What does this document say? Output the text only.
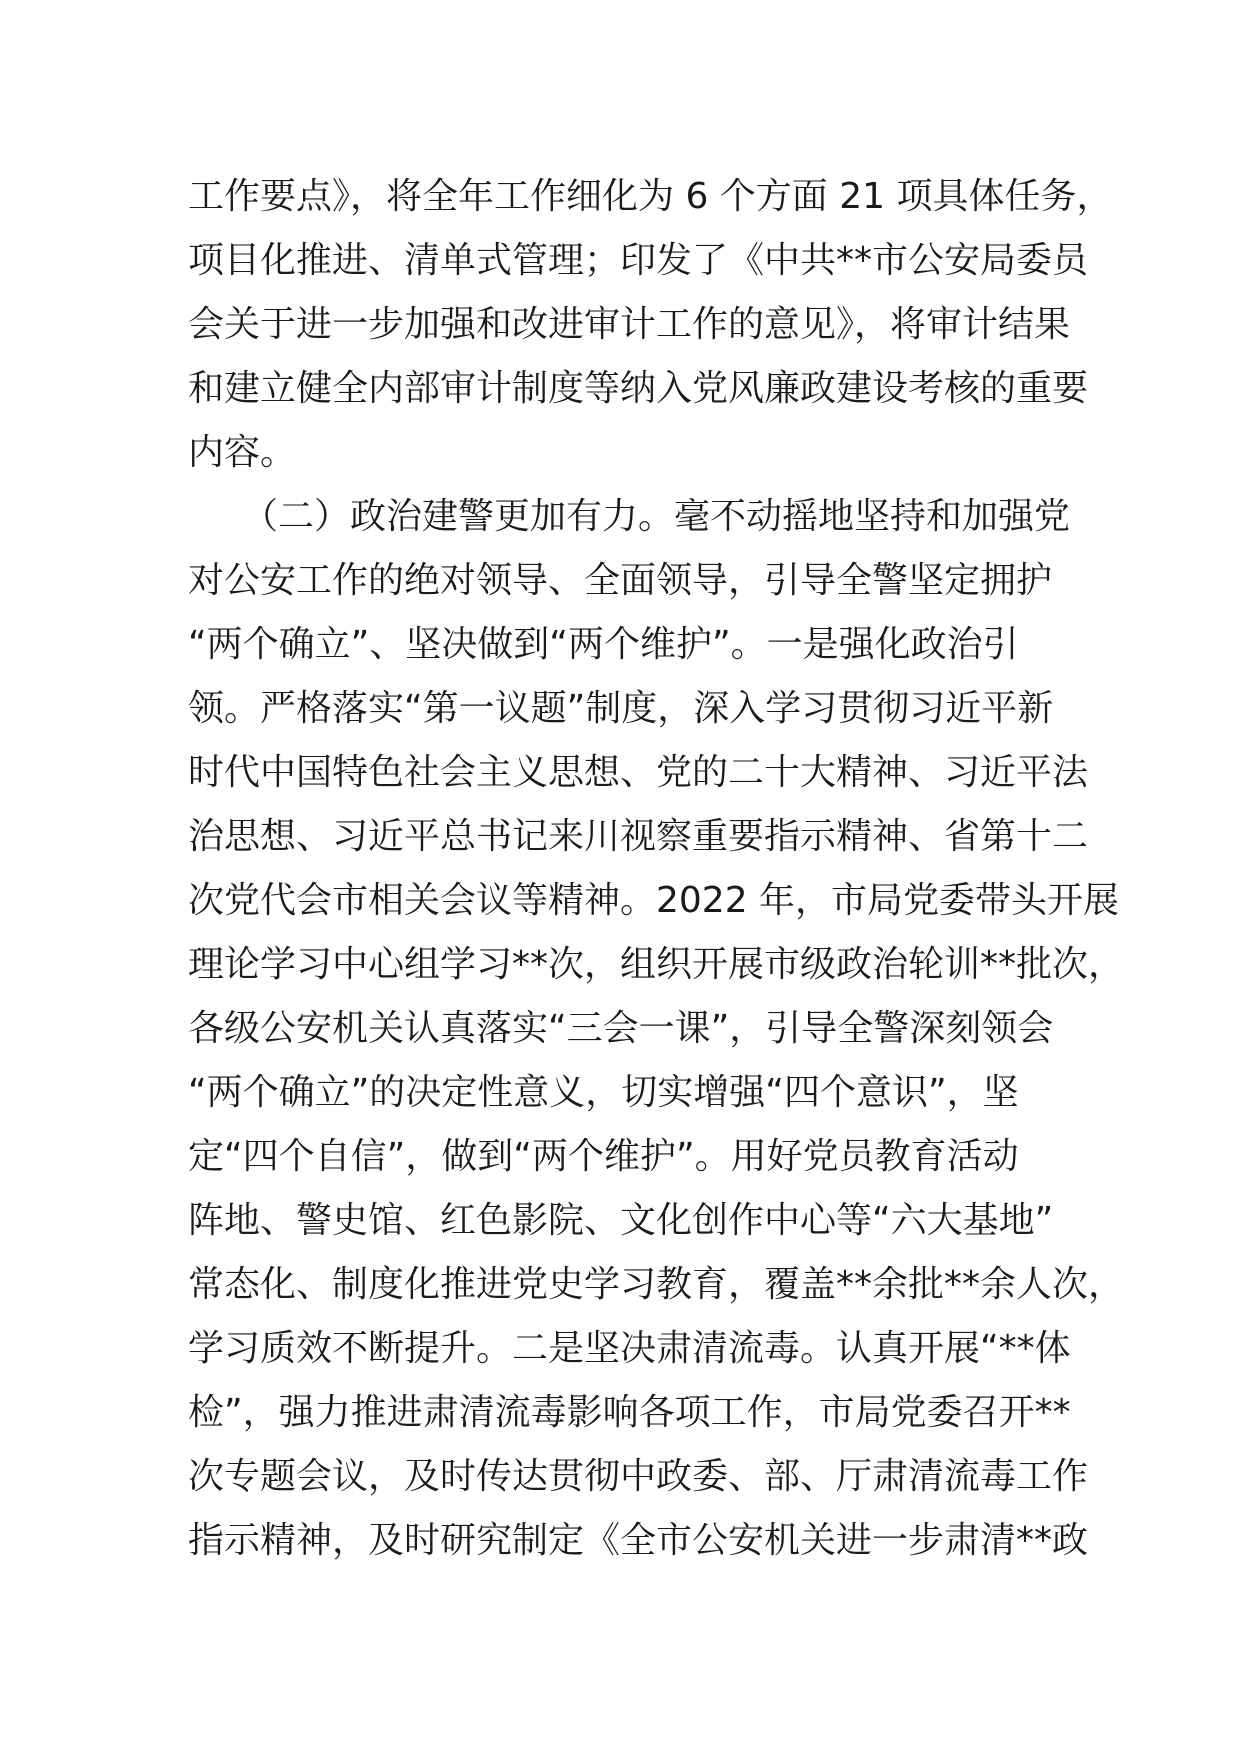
工作要点》，将全年工作细化为 6 个方面 21 项具体任务，
项目化推进、清单式管理；印发了《中共**市公安局委员
会关于进一步加强和改进审计工作的意见》，将审计结果
和建立健全内部审计制度等纳入党风廉政建设考核的重要
内容。
　　（二）政治建警更加有力。毫不动摇地坚持和加强党
对公安工作的绝对领导、全面领导，引导全警坚定拥护
“两个确立”、坚决做到“两个维护”。一是强化政治引
领。严格落实“第一议题”制度，深入学习贯彻习近平新
时代中国特色社会主义思想、党的二十大精神、习近平法
治思想、习近平总书记来川视察重要指示精神、省第十二
次党代会市相关会议等精神。2022 年，市局党委带头开展
理论学习中心组学习**次，组织开展市级政治轮训**批次，
各级公安机关认真落实“三会一课”，引导全警深刻领会
“两个确立”的决定性意义，切实增强“四个意识”，坚
定“四个自信”，做到“两个维护”。用好党员教育活动
阵地、警史馆、红色影院、文化创作中心等“六大基地”
常态化、制度化推进党史学习教育，覆盖**余批**余人次，
学习质效不断提升。二是坚决肃清流毒。认真开展“**体
检”，强力推进肃清流毒影响各项工作，市局党委召开**
次专题会议，及时传达贯彻中政委、部、厅肃清流毒工作
指示精神，及时研究制定《全市公安机关进一步肃清**政
